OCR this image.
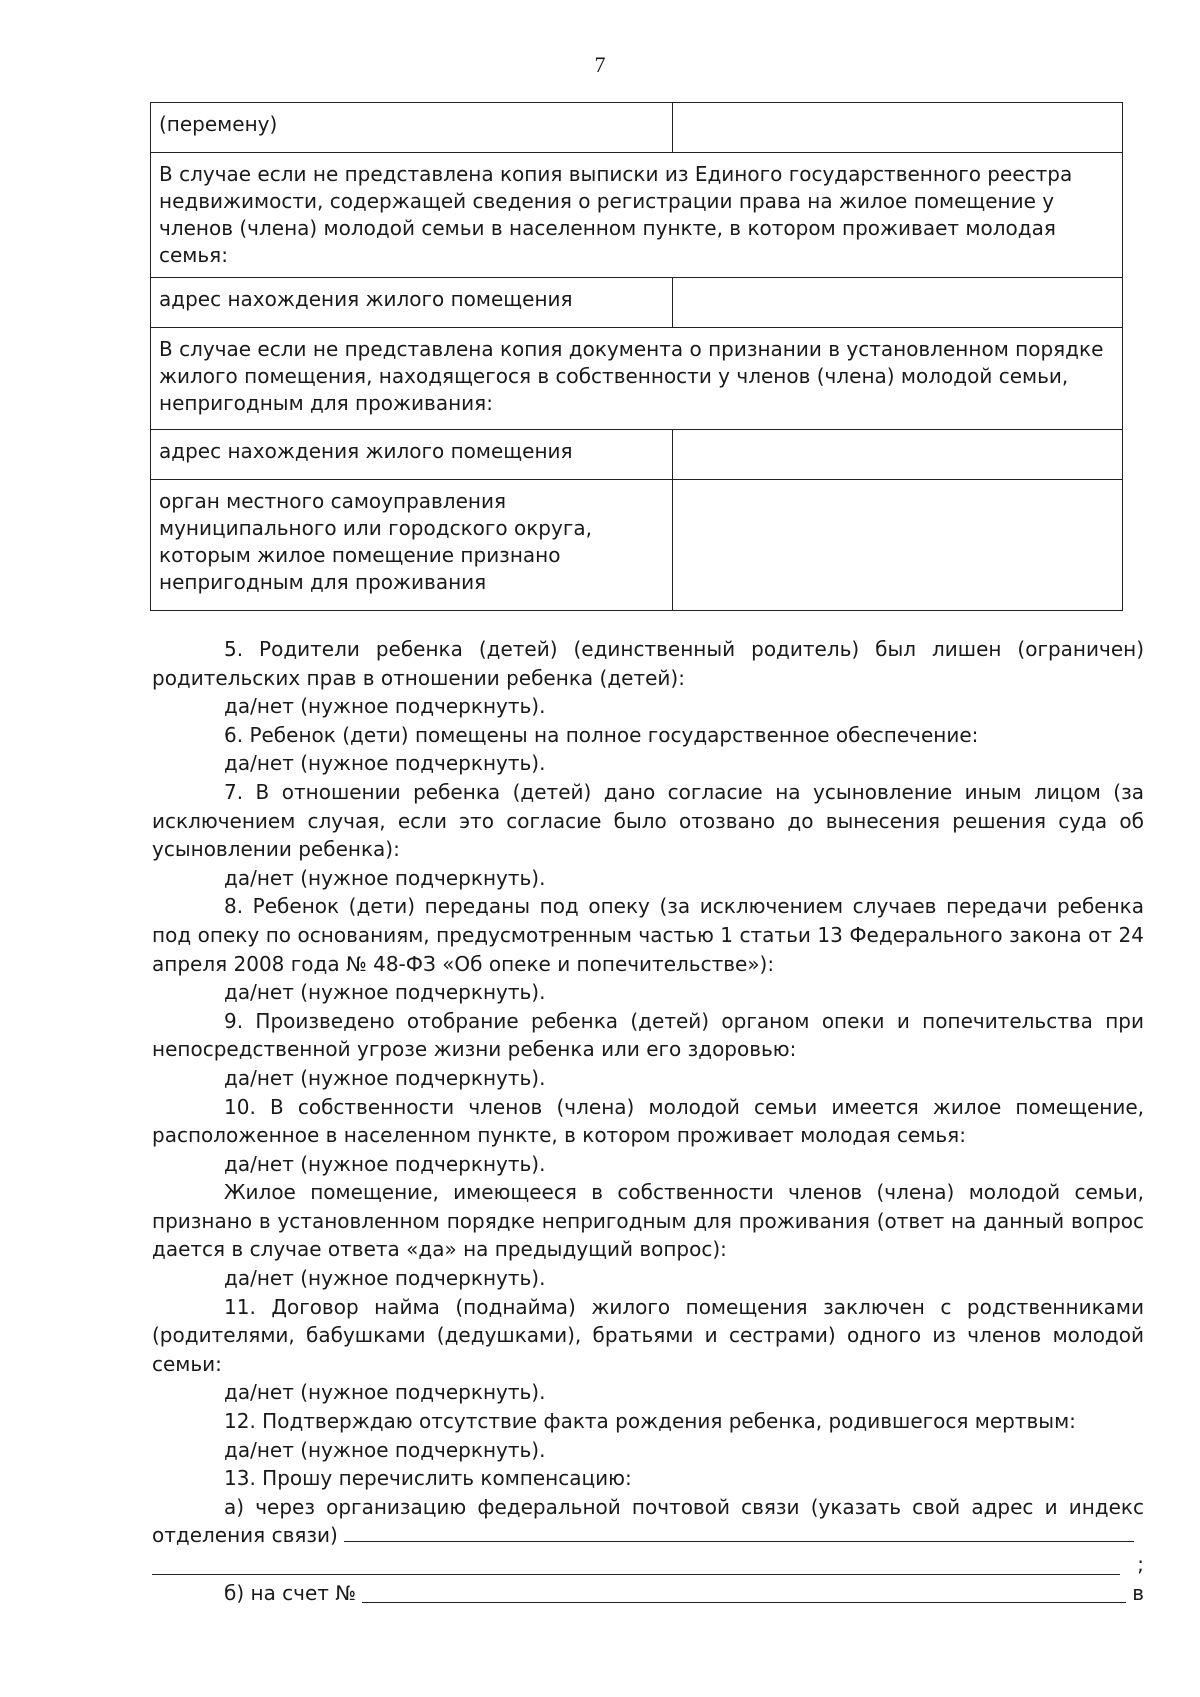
7
(перемену)	
В случае если не представлена копия выписки из Единого государственного реестра недвижимости, содержащей сведения о регистрации права на жилое помещение у членов (члена) молодой семьи в населенном пункте, в котором проживает молодая семья:	
адрес нахождения жилого помещения	
В случае если не представлена копия документа о признании в установленном порядке жилого помещения, находящегося в собственности у членов (члена) молодой семьи, непригодным для проживания:	
адрес нахождения жилого помещения	
орган местного самоуправления муниципального или городского округа, которым жилое помещение признано непригодным для проживания	

5. Родители ребенка (детей) (единственный родитель) был лишен (ограничен) родительских прав в отношении ребенка (детей):

да/нет (нужное подчеркнуть).

6. Ребенок (дети) помещены на полное государственное обеспечение:

да/нет (нужное подчеркнуть).

7. В отношении ребенка (детей) дано согласие на усыновление иным лицом (за исключением случая, если это согласие было отозвано до вынесения решения суда об усыновлении ребенка):

да/нет (нужное подчеркнуть).

8. Ребенок (дети) переданы под опеку (за исключением случаев передачи ребенка под опеку по основаниям, предусмотренным частью 1 статьи 13 Федерального закона от 24 апреля 2008 года № 48-ФЗ «Об опеке и попечительстве»):

да/нет (нужное подчеркнуть).

9. Произведено отобрание ребенка (детей) органом опеки и попечительства при непосредственной угрозе жизни ребенка или его здоровью:

да/нет (нужное подчеркнуть).

10. В собственности членов (члена) молодой семьи имеется жилое помещение, расположенное в населенном пункте, в котором проживает молодая семья:

да/нет (нужное подчеркнуть).

Жилое помещение, имеющееся в собственности членов (члена) молодой семьи, признано в установленном порядке непригодным для проживания (ответ на данный вопрос дается в случае ответа «да» на предыдущий вопрос):

да/нет (нужное подчеркнуть).

11. Договор найма (поднайма) жилого помещения заключен с родственниками (родителями, бабушками (дедушками), братьями и сестрами) одного из членов молодой семьи:

да/нет (нужное подчеркнуть).

12. Подтверждаю отсутствие факта рождения ребенка, родившегося мертвым:

да/нет (нужное подчеркнуть).

13. Прошу перечислить компенсацию:

а) через организацию федеральной почтовой связи (указать свой адрес и индекс отделения связи)
;
б) на счет №	в
